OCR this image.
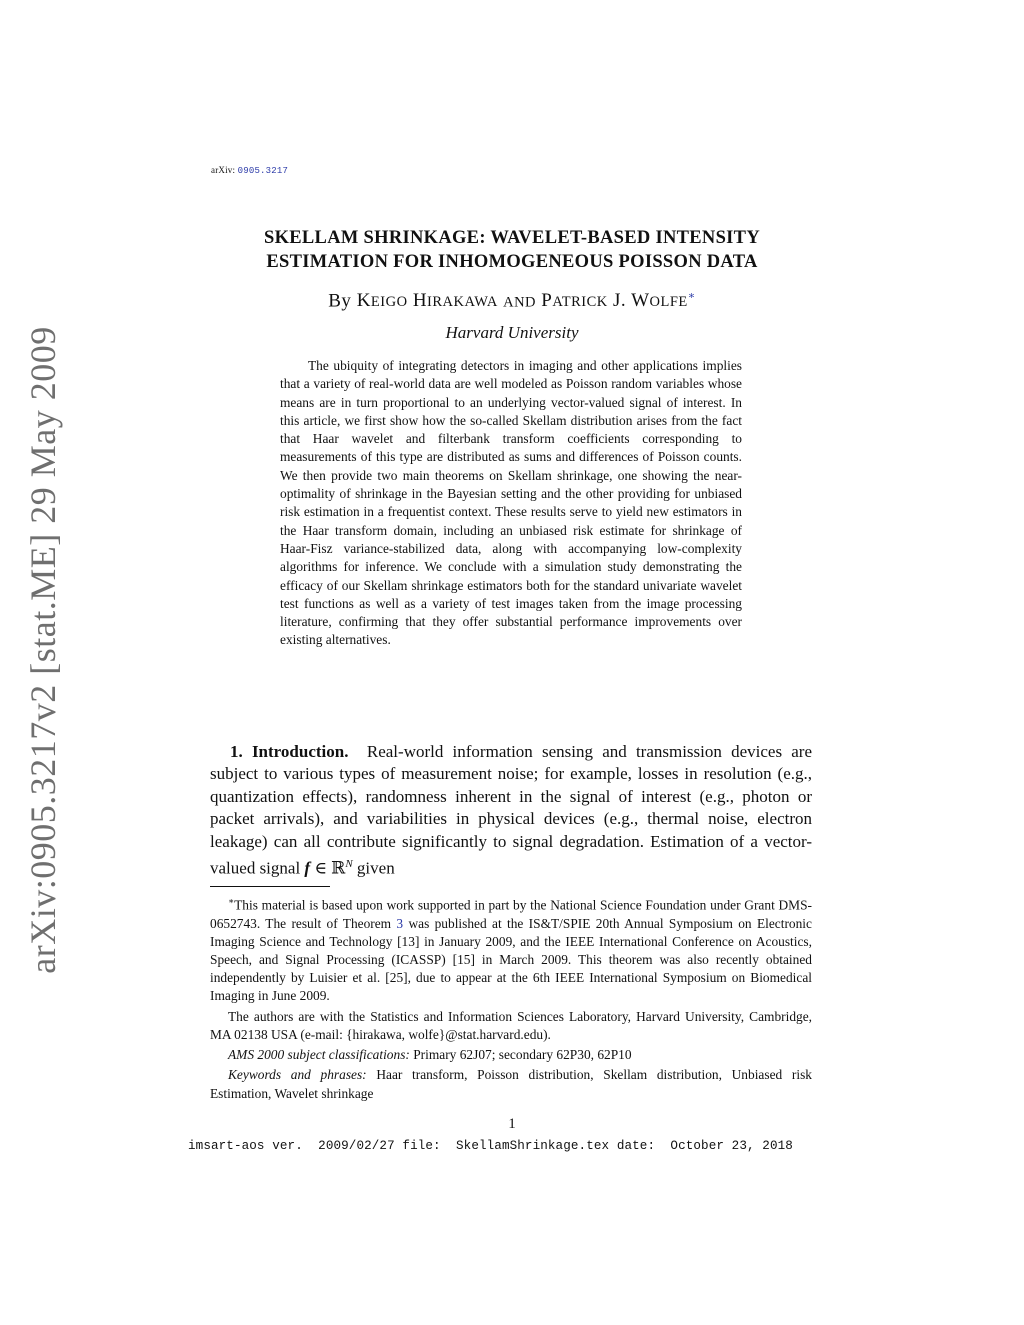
arXiv: 0905.3217
arXiv:0905.3217v2 [stat.ME] 29 May 2009
SKELLAM SHRINKAGE: WAVELET-BASED INTENSITY
ESTIMATION FOR INHOMOGENEOUS POISSON DATA
By KEIGO HIRAKAWA AND PATRICK J. WOLFE∗
Harvard University
The ubiquity of integrating detectors in imaging and other applications implies that a variety of real-world data are well modeled as Poisson random variables whose means are in turn proportional to an underlying vector-valued signal of interest. In this article, we first show how the so-called Skellam distribution arises from the fact that Haar wavelet and filterbank transform coefficients corresponding to measurements of this type are distributed as sums and differences of Poisson counts. We then provide two main theorems on Skellam shrinkage, one showing the near-optimality of shrinkage in the Bayesian setting and the other providing for unbiased risk estimation in a frequentist context. These results serve to yield new estimators in the Haar transform domain, including an unbiased risk estimate for shrinkage of Haar-Fisz variance-stabilized data, along with accompanying low-complexity algorithms for inference. We conclude with a simulation study demonstrating the efficacy of our Skellam shrinkage estimators both for the standard univariate wavelet test functions as well as a variety of test images taken from the image processing literature, confirming that they offer substantial performance improvements over existing alternatives.
1. Introduction. Real-world information sensing and transmission devices are subject to various types of measurement noise; for example, losses in resolution (e.g., quantization effects), randomness inherent in the signal of interest (e.g., photon or packet arrivals), and variabilities in physical devices (e.g., thermal noise, electron leakage) can all contribute significantly to signal degradation. Estimation of a vector-valued signal f ∈ ℝ$^N$ given

∗This material is based upon work supported in part by the National Science Foundation under Grant DMS-0652743. The result of Theorem 3 was published at the IS&T/SPIE 20th Annual Symposium on Electronic Imaging Science and Technology [13] in January 2009, and the IEEE International Conference on Acoustics, Speech, and Signal Processing (ICASSP) [15] in March 2009. This theorem was also recently obtained independently by Luisier et al. [25], due to appear at the 6th IEEE International Symposium on Biomedical Imaging in June 2009.

The authors are with the Statistics and Information Sciences Laboratory, Harvard University, Cambridge, MA 02138 USA (e-mail: {hirakawa, wolfe}@stat.harvard.edu).

AMS 2000 subject classifications: Primary 62J07; secondary 62P30, 62P10

Keywords and phrases: Haar transform, Poisson distribution, Skellam distribution, Unbiased risk Estimation, Wavelet shrinkage

1
imsart-aos ver.  2009/02/27 file:  SkellamShrinkage.tex date:  October 23, 2018
